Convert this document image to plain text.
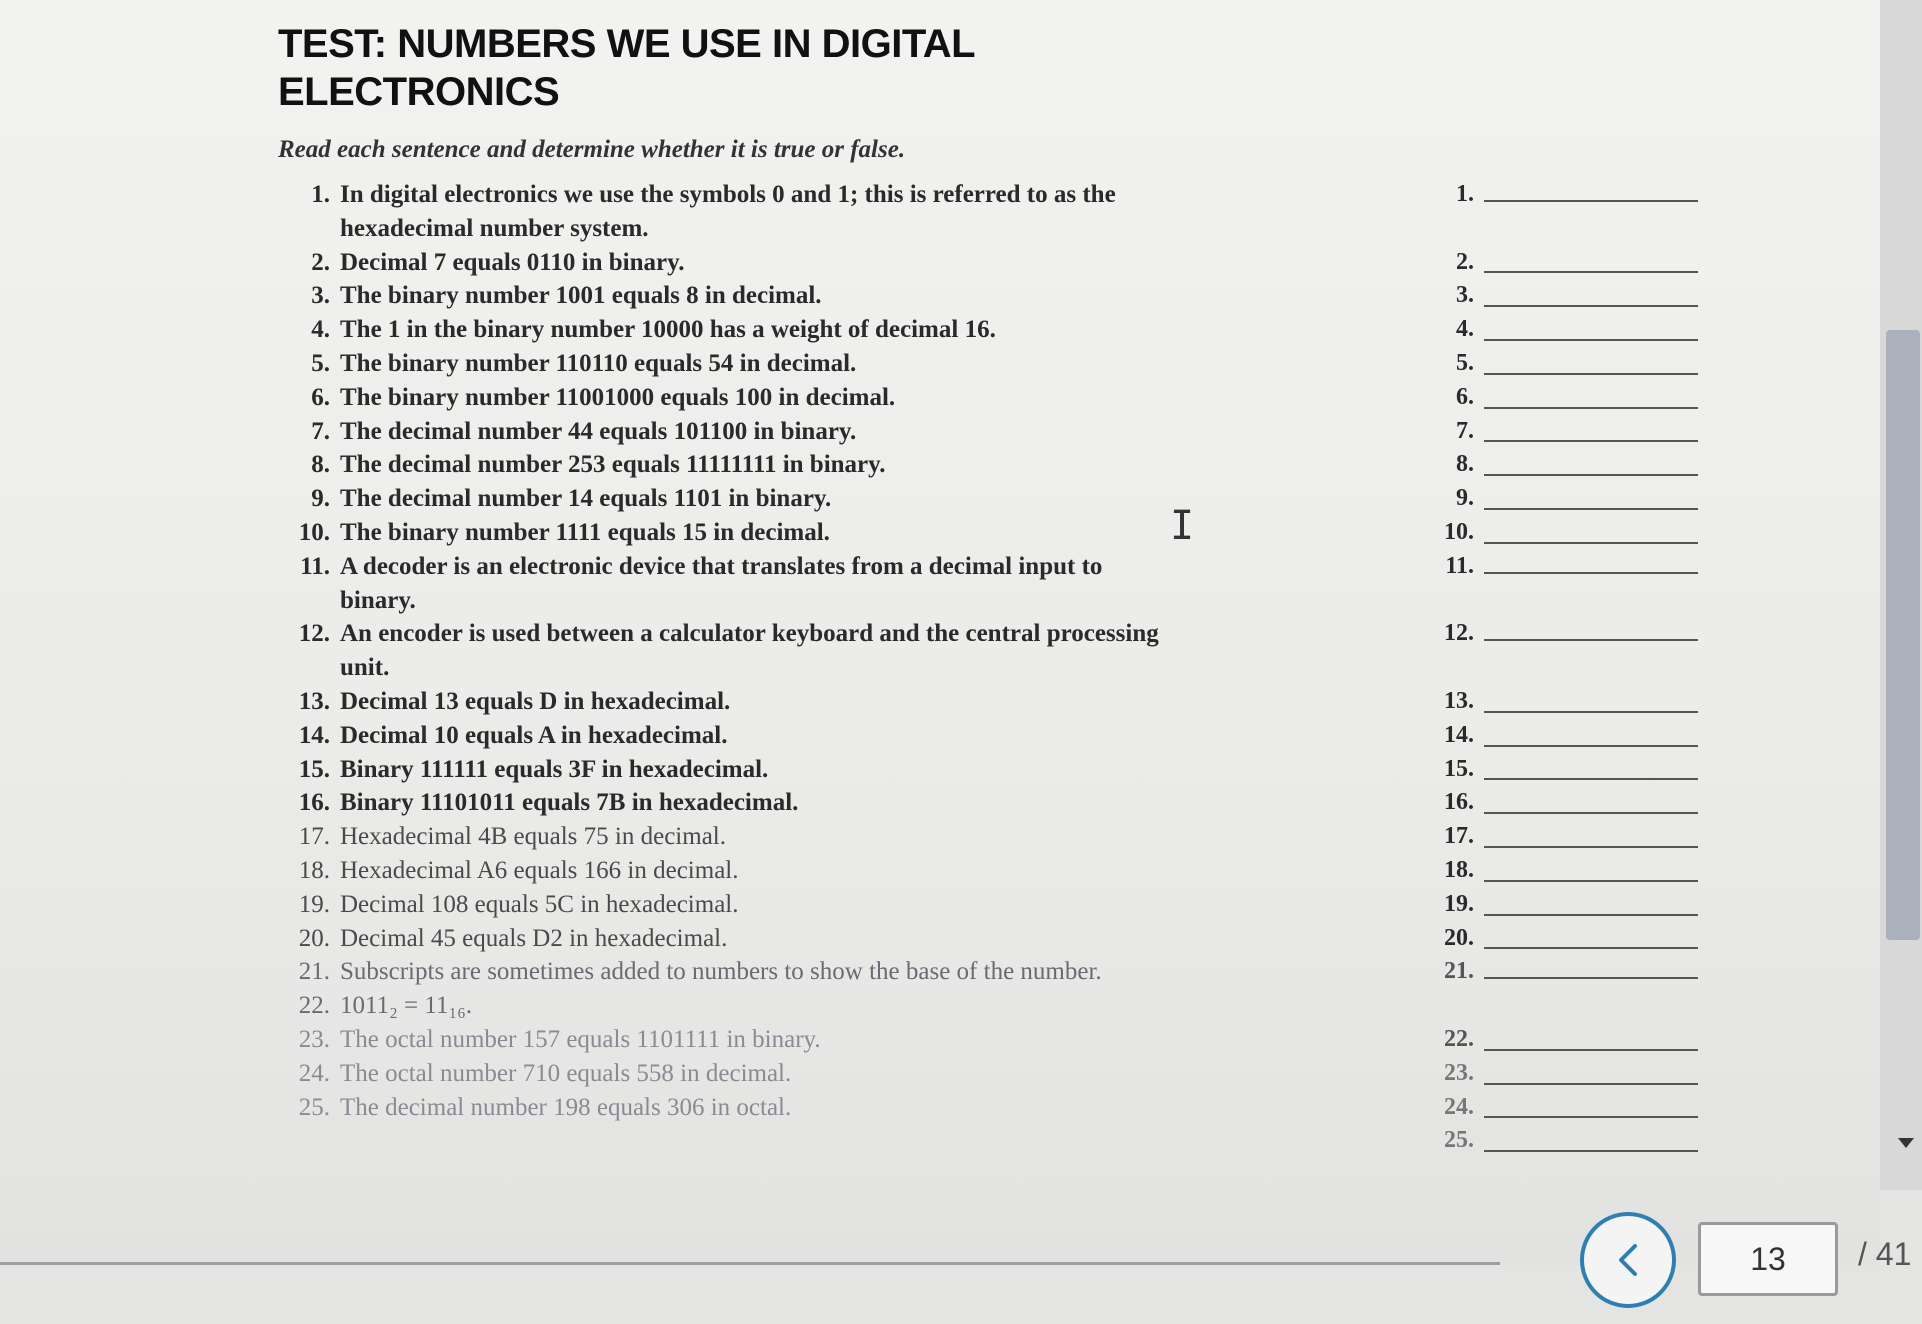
TEST: NUMBERS WE USE IN DIGITAL ELECTRONICS
Read each sentence and determine whether it is true or false.
1. In digital electronics we use the symbols 0 and 1; this is referred to as the hexadecimal number system.
2. Decimal 7 equals 0110 in binary.
3. The binary number 1001 equals 8 in decimal.
4. The 1 in the binary number 10000 has a weight of decimal 16.
5. The binary number 110110 equals 54 in decimal.
6. The binary number 11001000 equals 100 in decimal.
7. The decimal number 44 equals 101100 in binary.
8. The decimal number 253 equals 11111111 in binary.
9. The decimal number 14 equals 1101 in binary.
10. The binary number 1111 equals 15 in decimal.
11. A decoder is an electronic device that translates from a decimal input to binary.
12. An encoder is used between a calculator keyboard and the central processing unit.
13. Decimal 13 equals D in hexadecimal.
14. Decimal 10 equals A in hexadecimal.
15. Binary 111111 equals 3F in hexadecimal.
16. Binary 11101011 equals 7B in hexadecimal.
17. Hexadecimal 4B equals 75 in decimal.
18. Hexadecimal A6 equals 166 in decimal.
19. Decimal 108 equals 5C in hexadecimal.
20. Decimal 45 equals D2 in hexadecimal.
21. Subscripts are sometimes added to numbers to show the base of the number.
22. 1011₂ = 11₁₆.
23. The octal number 157 equals 1101111 in binary.
24. The octal number 710 equals 558 in decimal.
25. The decimal number 198 equals 306 in octal.
1.
2.
3.
4.
5.
6.
7.
8.
9.
10.
11.
12.
13.
14.
15.
16.
17.
18.
19.
20.
21.
22.
23.
24.
25.
I
13	/ 41
